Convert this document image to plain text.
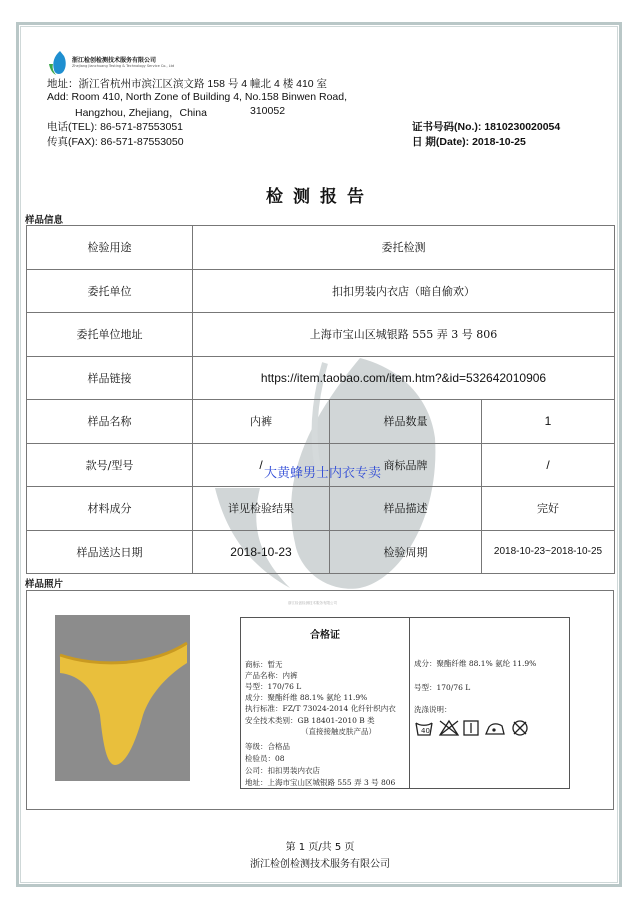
浙江检创检测技术服务有限公司
Zhejiang Jianchuang Testing & Technology Service Co., Ltd
地址：浙江省杭州市滨江区滨文路 158 号 4 幢北 4 楼 410 室
Add: Room 410, North Zone of Building 4, No.158 Binwen Road,
Hangzhou, Zhejiang，China	310052
电话(TEL): 86-571-87553051
传真(FAX): 86-571-87553050
证书号码(No.): 1810230020054
日 期(Date): 2018-10-25
检测报告
样品信息
检验用途	委托检测		
委托单位	扣扣男装内衣店（暗自偷欢）		
委托单位地址	上海市宝山区城银路 555 弄 3 号 806		
样品链接	https://item.taobao.com/item.htm?&id=532642010906		
样品名称	内裤	样品数量	1
款号/型号	/	商标品牌	/
材料成分	详见检验结果	样品描述	完好
样品送达日期	2018-10-23	检验周期	2018-10-23~2018-10-25
大黄蜂男士内衣专卖
样品照片
合格证
商标：暂无
产品名称：内裤
号型：170/76 L
成分：聚酯纤维 88.1% 氨纶 11.9%
执行标准：FZ/T 73024-2014 化纤针织内衣
安全技术类别：GB 18401-2010 B 类
（直接接触皮肤产品）
等级：合格品
检验员：08
公司：扣扣男装内衣店
地址：上海市宝山区城银路 555 弄 3 号 806
成分：聚酯纤维 88.1% 氨纶 11.9%
号型：170/76 L
洗涤说明：
40
浙江检创检测技术服务有限公司
第 1 页/共 5 页
浙江检创检测技术服务有限公司
